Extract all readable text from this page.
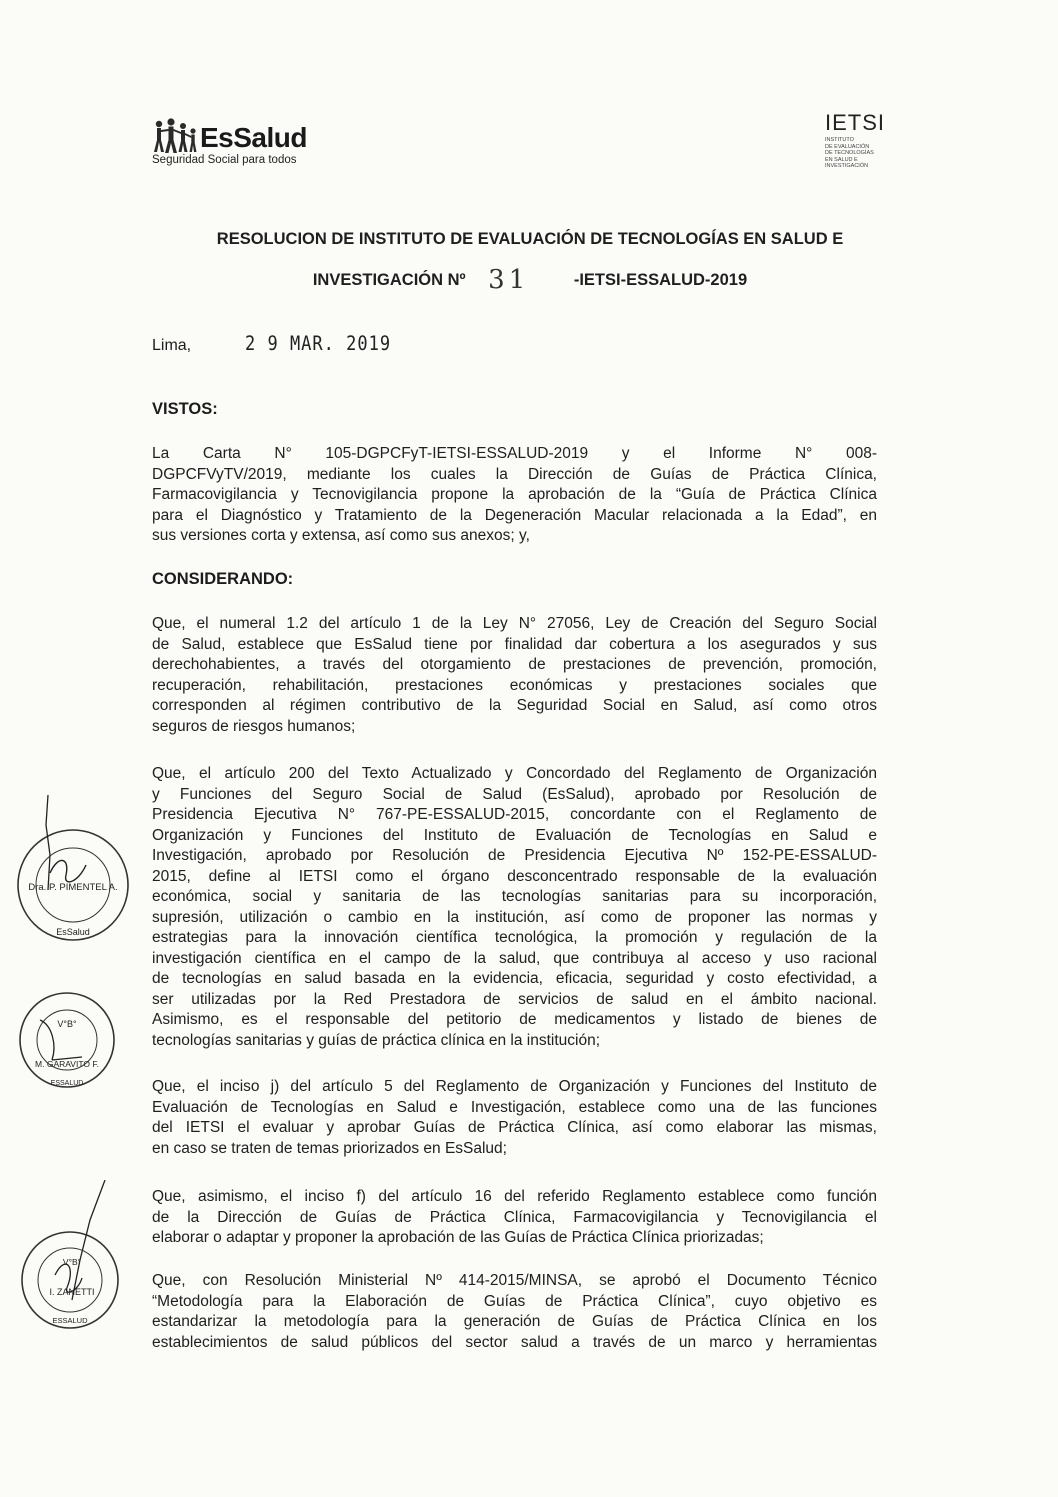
EsSalud
Seguridad Social para todos
IETSI
INSTITUTO
DE EVALUACIÓN
DE TECNOLOGÍAS
EN SALUD E
INVESTIGACIÓN
RESOLUCION DE INSTITUTO DE EVALUACIÓN DE TECNOLOGÍAS EN SALUD E
INVESTIGACIÓN Nº 31	-IETSI-ESSALUD-2019
Lima,	2 9 MAR. 2019
VISTOS:
La Carta N° 105-DGPCFyT-IETSI-ESSALUD-2019 y el Informe N° 008-
DGPCFVyTV/2019, mediante los cuales la Dirección de Guías de Práctica Clínica,
Farmacovigilancia y Tecnovigilancia propone la aprobación de la “Guía de Práctica Clínica
para el Diagnóstico y Tratamiento de la Degeneración Macular relacionada a la Edad”, en
sus versiones corta y extensa, así como sus anexos; y,
CONSIDERANDO:
Que, el numeral 1.2 del artículo 1 de la Ley N° 27056, Ley de Creación del Seguro Social
de Salud, establece que EsSalud tiene por finalidad dar cobertura a los asegurados y sus
derechohabientes, a través del otorgamiento de prestaciones de prevención, promoción,
recuperación, rehabilitación, prestaciones económicas y prestaciones sociales que
corresponden al régimen contributivo de la Seguridad Social en Salud, así como otros
seguros de riesgos humanos;
Que, el artículo 200 del Texto Actualizado y Concordado del Reglamento de Organización
y Funciones del Seguro Social de Salud (EsSalud), aprobado por Resolución de
Presidencia Ejecutiva N° 767-PE-ESSALUD-2015, concordante con el Reglamento de
Organización y Funciones del Instituto de Evaluación de Tecnologías en Salud e
Investigación, aprobado por Resolución de Presidencia Ejecutiva Nº 152-PE-ESSALUD-
2015, define al IETSI como el órgano desconcentrado responsable de la evaluación
económica, social y sanitaria de las tecnologías sanitarias para su incorporación,
supresión, utilización o cambio en la institución, así como de proponer las normas y
estrategias para la innovación científica tecnológica, la promoción y regulación de la
investigación científica en el campo de la salud, que contribuya al acceso y uso racional
de tecnologías en salud basada en la evidencia, eficacia, seguridad y costo efectividad, a
ser utilizadas por la Red Prestadora de servicios de salud en el ámbito nacional.
Asimismo, es el responsable del petitorio de medicamentos y listado de bienes de
tecnologías sanitarias y guías de práctica clínica en la institución;
Que, el inciso j) del artículo 5 del Reglamento de Organización y Funciones del Instituto de
Evaluación de Tecnologías en Salud e Investigación, establece como una de las funciones
del IETSI el evaluar y aprobar Guías de Práctica Clínica, así como elaborar las mismas,
en caso se traten de temas priorizados en EsSalud;
Que, asimismo, el inciso f) del artículo 16 del referido Reglamento establece como función
de la Dirección de Guías de Práctica Clínica, Farmacovigilancia y Tecnovigilancia el
elaborar o adaptar y proponer la aprobación de las Guías de Práctica Clínica priorizadas;
Que, con Resolución Ministerial Nº 414-2015/MINSA, se aprobó el Documento Técnico
“Metodología para la Elaboración de Guías de Práctica Clínica”, cuyo objetivo es
estandarizar la metodología para la generación de Guías de Práctica Clínica en los
establecimientos de salud públicos del sector salud a través de un marco y herramientas
Dra. P. PIMENTEL A.
EsSalud
V°B°
M. GARAVITO F.
ESSALUD
V°B°
I. ZANETTI
ESSALUD
